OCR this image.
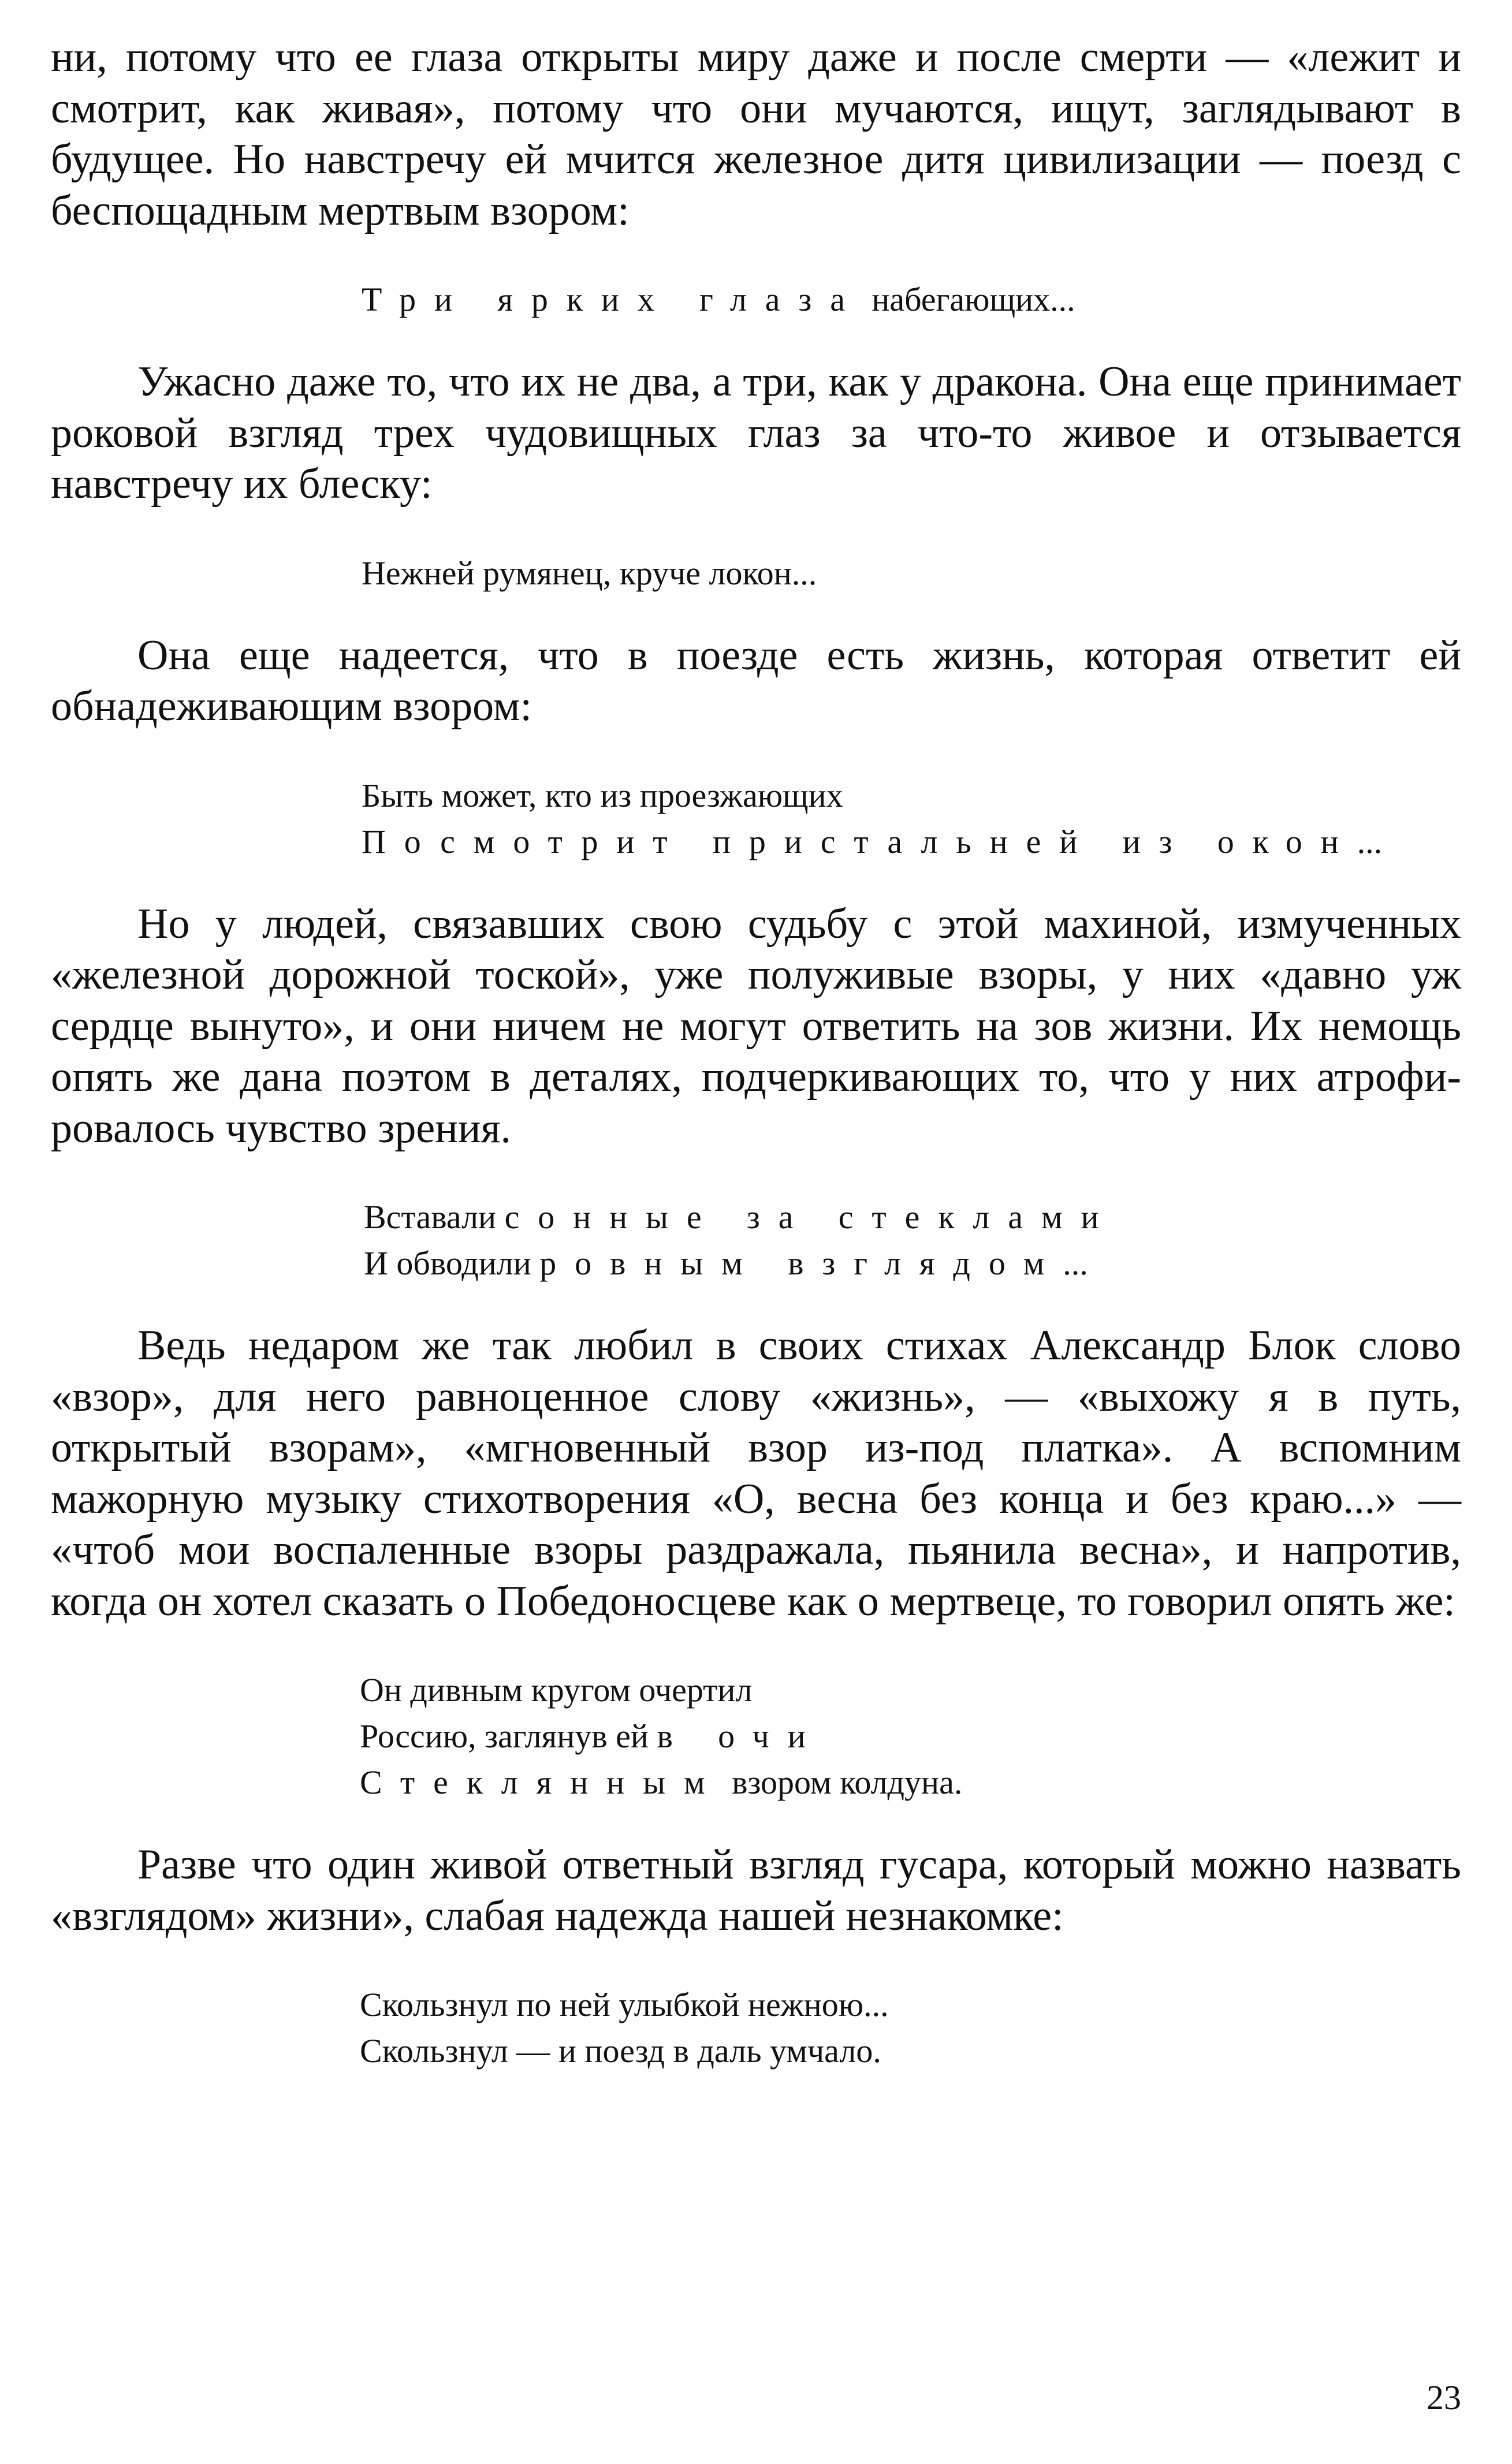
ни, потому что ее глаза открыты миру даже и после смерти — «лежит и смотрит, как живая», потому что они мучаются, ищут, заглядывают в будущее. Но навстречу ей мчится железное дитя цивилизации — поезд с беспощадным мертвым взором:

Три ярких глаза набегающих...

Ужасно даже то, что их не два, а три, как у дракона. Она еще принимает роковой взгляд трех чудовищных глаз за что-то живое и отзывается навстречу их блеску:

Нежней румянец, круче локон...

Она еще надеется, что в поезде есть жизнь, которая ответит ей обнадеживающим взором:

Быть может, кто из проезжающих
Посмотрит пристальней из окон...

Но у людей, связавших свою судьбу с этой махиной, измученных «железной дорожной тоской», уже полуживые взоры, у них «давно уж сердце вынуто», и они ничем не могут ответить на зов жизни. Их немощь опять же дана поэтом в деталях, подчеркивающих то, что у них атрофировалось чувство зрения.

Вставали сонные за стеклами
И обводили ровным взглядом...

Ведь недаром же так любил в своих стихах Александр Блок слово «взор», для него равноценное слову «жизнь», — «выхожу я в путь, открытый взорам», «мгновенный взор из-под платка». А вспомним мажорную музыку стихотворения «О, весна без конца и без краю...» — «чтоб мои воспаленные взоры раздражала, пьянила весна», и напротив, когда он хотел сказать о Победоносцеве как о мертвеце, то говорил опять же:

Он дивным кругом очертил
Россию, заглянув ей в очи
Стеклянным взором колдуна.

Разве что один живой ответный взгляд гусара, который можно назвать «взглядом» жизни», слабая надежда нашей незнакомке:

Скользнул по ней улыбкой нежною...
Скользнул — и поезд в даль умчало.
23
